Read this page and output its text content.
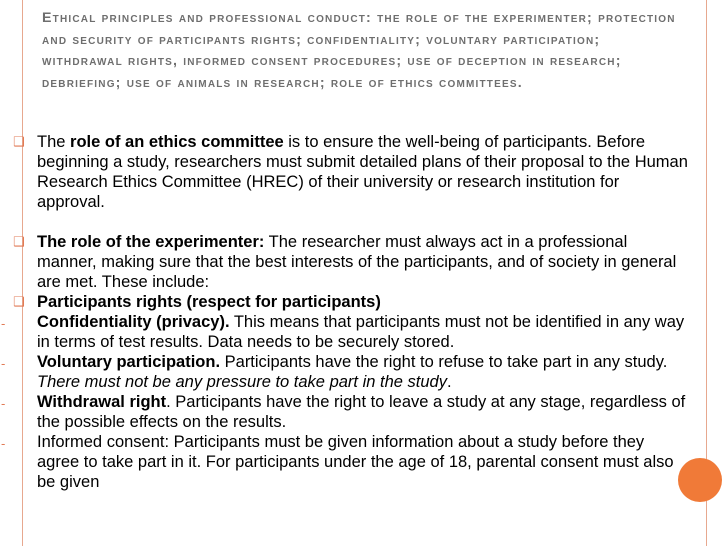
Ethical principles and professional conduct: the role of the experimenter; protection and security of participants rights; confidentiality; voluntary participation; withdrawal rights, informed consent procedures; use of deception in research; debriefing; use of animals in research; role of ethics committees.
❑ The role of an ethics committee is to ensure the well-being of participants. Before beginning a study, researchers must submit detailed plans of their proposal to the Human Research Ethics Committee (HREC) of their university or research institution for approval.
❑ The role of the experimenter: The researcher must always act in a professional manner, making sure that the best interests of the participants, and of society in general are met. These include:
❑ Participants rights (respect for participants)
-	Confidentiality (privacy). This means that participants must not be identified in any way in terms of test results. Data needs to be securely stored.
-	Voluntary participation. Participants have the right to refuse to take part in any study.
There must not be any pressure to take part in the study.
-	Withdrawal right. Participants have the right to leave a study at any stage, regardless of the possible effects on the results.
-	Informed consent: Participants must be given information about a study before they agree to take part in it. For participants under the age of 18, parental consent must also be given
